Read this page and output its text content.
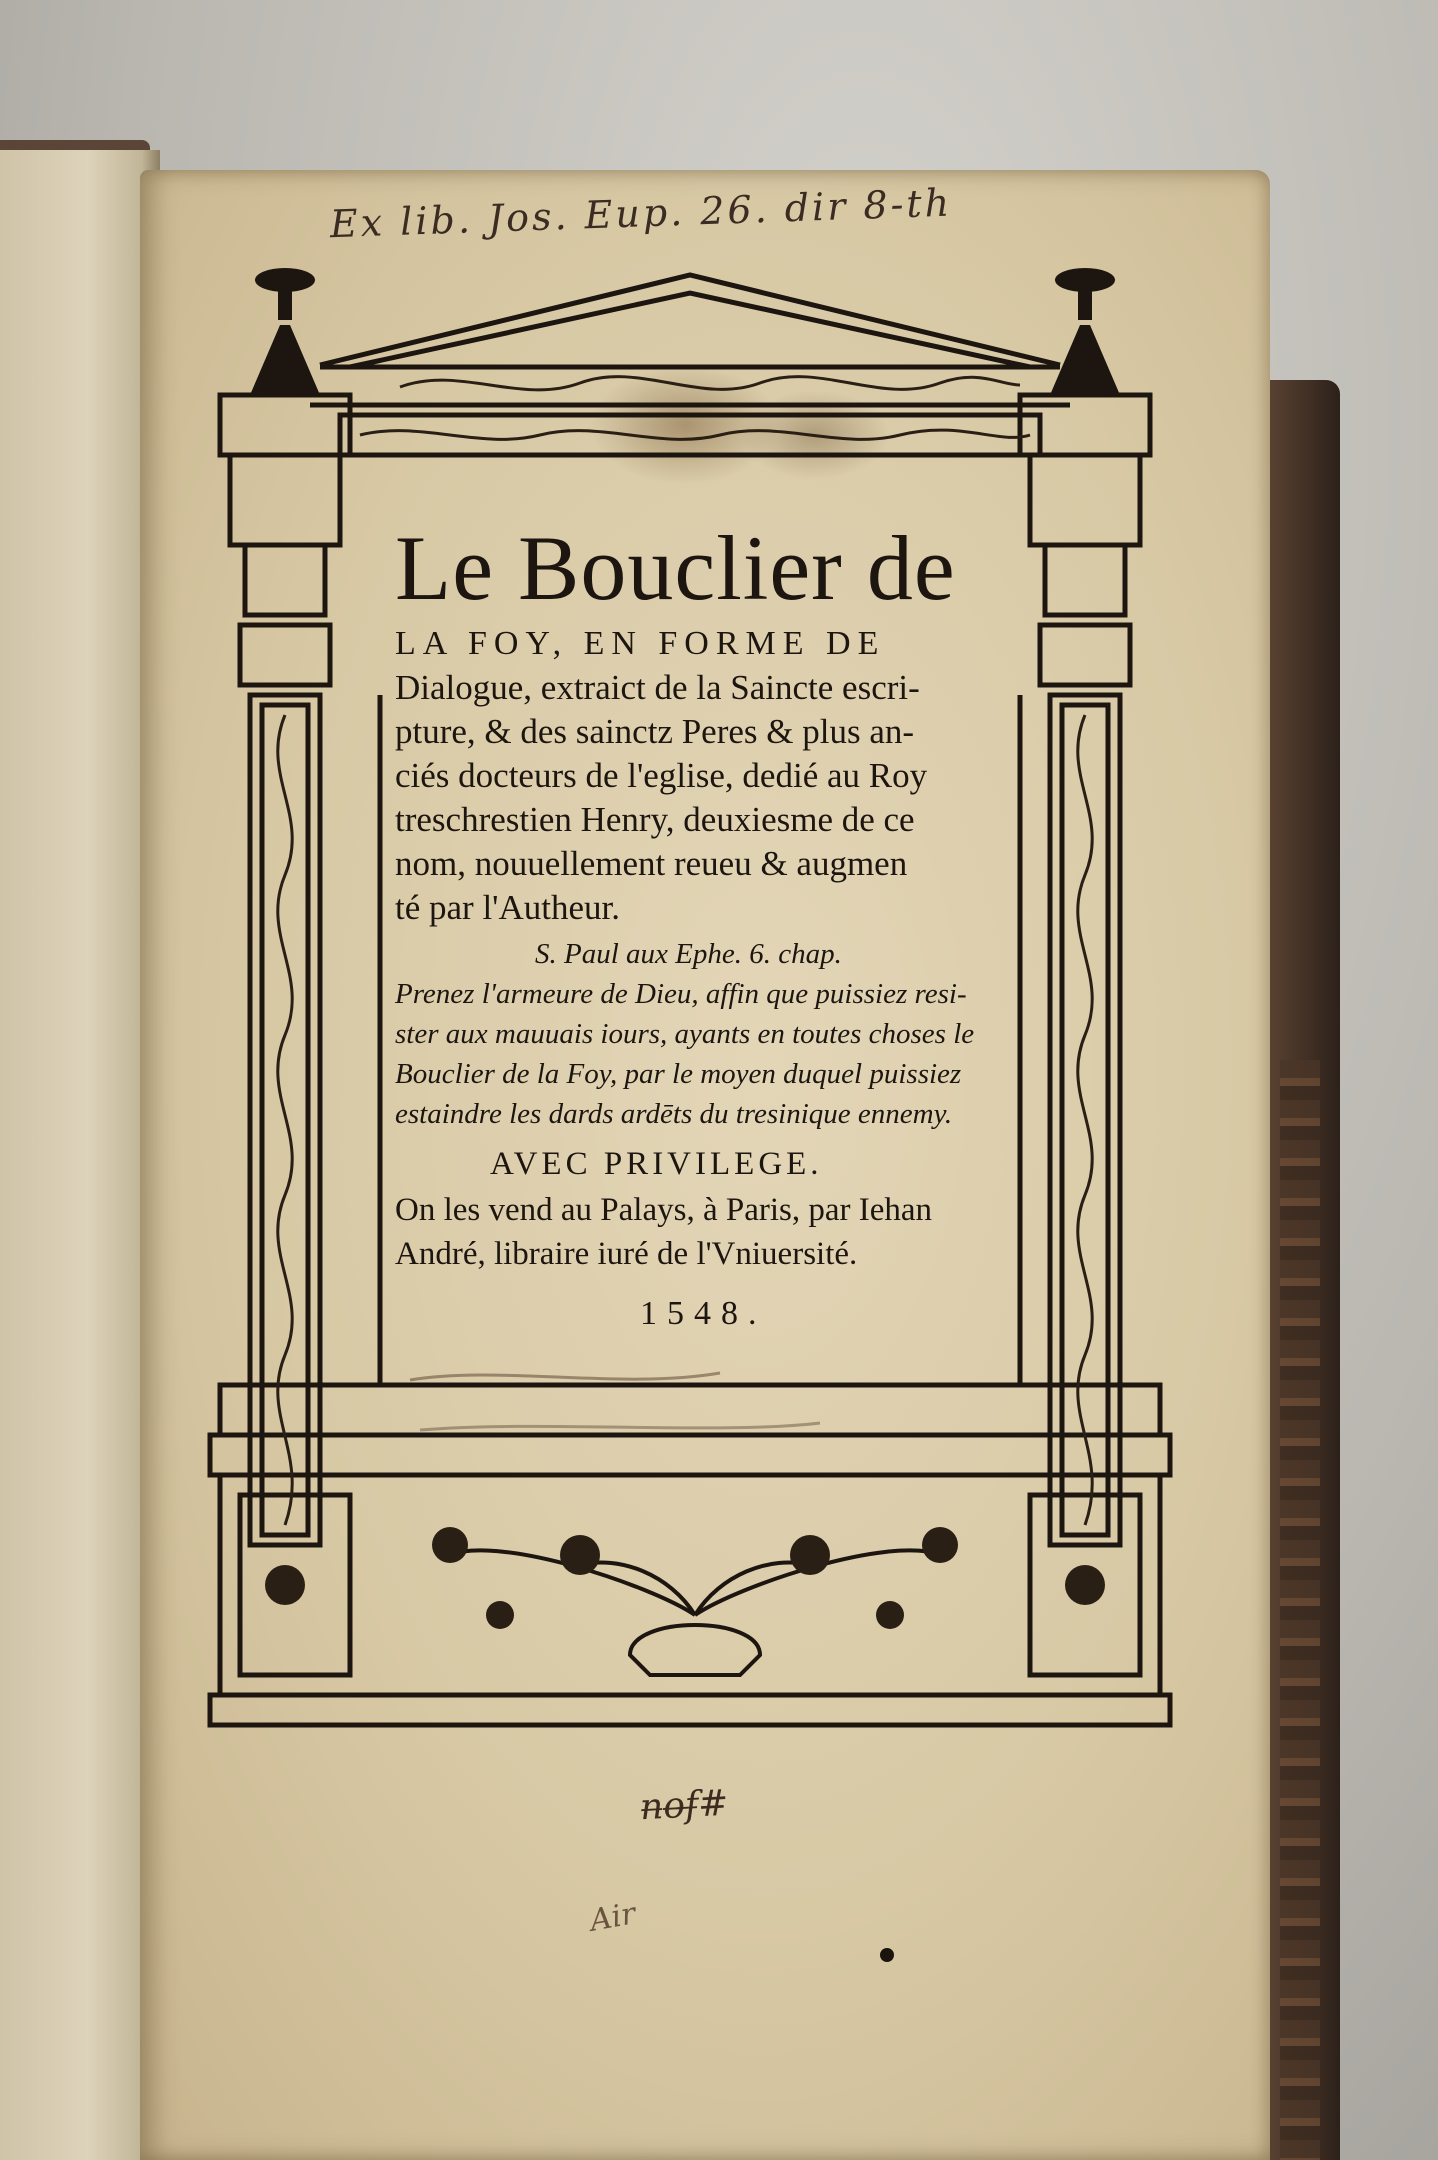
Ex lib. Jos. Eup. 26. dir 8-th
Le Bouclier de
LA FOY, EN FORME DE
Dialogue, extraict de la Saincte escri-
pture, & des sainctz Peres & plus an-
ciés docteurs de l'eglise, dedié au Roy
treschrestien Henry, deuxiesme de ce
nom, nouuellement reueu & augmen
té par l'Autheur.
S. Paul aux Ephe. 6. chap.
Prenez l'armeure de Dieu, affin que puissiez resi-
ster aux mauuais iours, ayants en toutes choses le
Bouclier de la Foy, par le moyen duquel puissiez
estaindre les dards ardēts du tresinique ennemy.
AVEC PRIVILEGE.
On les vend au Palays, à Paris, par Iehan
André, libraire iuré de l'Vniuersité.
1548.
n̶o̶f̶#
Air
